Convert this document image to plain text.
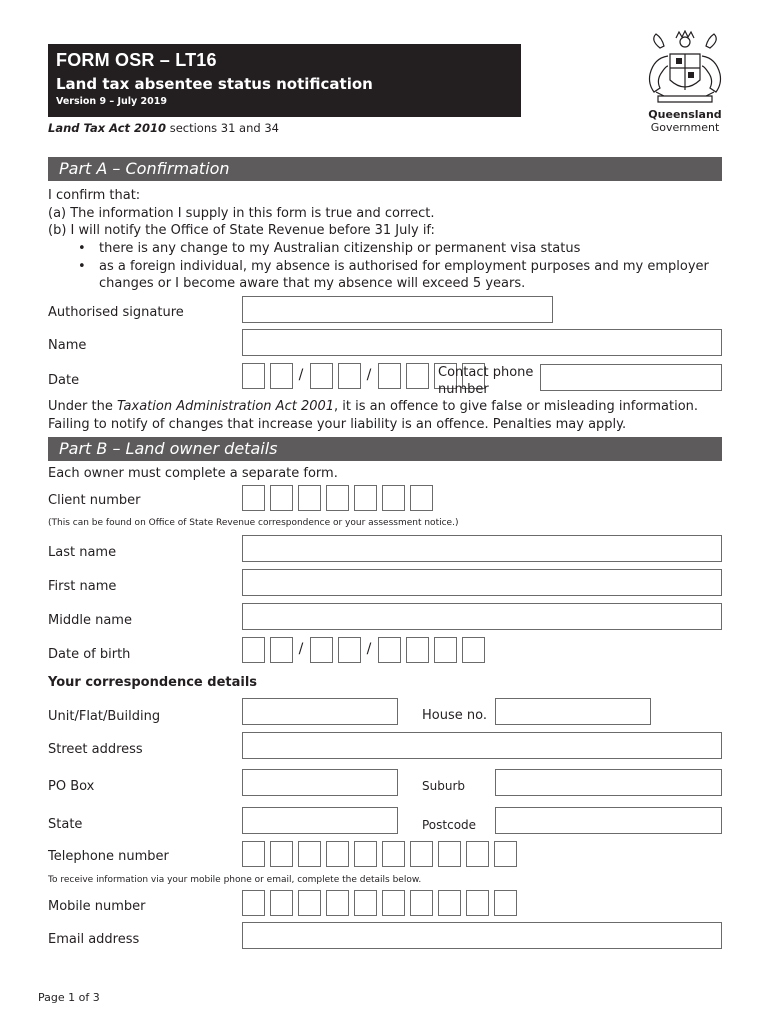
FORM OSR – LT16
Land tax absentee status notification
Version 9 – July 2019
Land Tax Act 2010 sections 31 and 34
Queensland
Government
Part A – Confirmation
I confirm that:
(a) The information I supply in this form is true and correct.
(b) I will notify the Office of State Revenue before 31 July if:
• there is any change to my Australian citizenship or permanent visa status
• as a foreign individual, my absence is authorised for employment purposes and my employer
changes or I become aware that my absence will exceed 5 years.
Authorised signature
Name
Date	/	/	Contact phone
number
Under the Taxation Administration Act 2001, it is an offence to give false or misleading information.
Failing to notify of changes that increase your liability is an offence. Penalties may apply.
Part B – Land owner details
Each owner must complete a separate form.
Client number
(This can be found on Office of State Revenue correspondence or your assessment notice.)
Last name
First name
Middle name
Date of birth	/	/
Your correspondence details
Unit/Flat/Building	House no.
Street address
PO Box	Suburb
State	Postcode
Telephone number
To receive information via your mobile phone or email, complete the details below.
Mobile number
Email address
Page 1 of 3
